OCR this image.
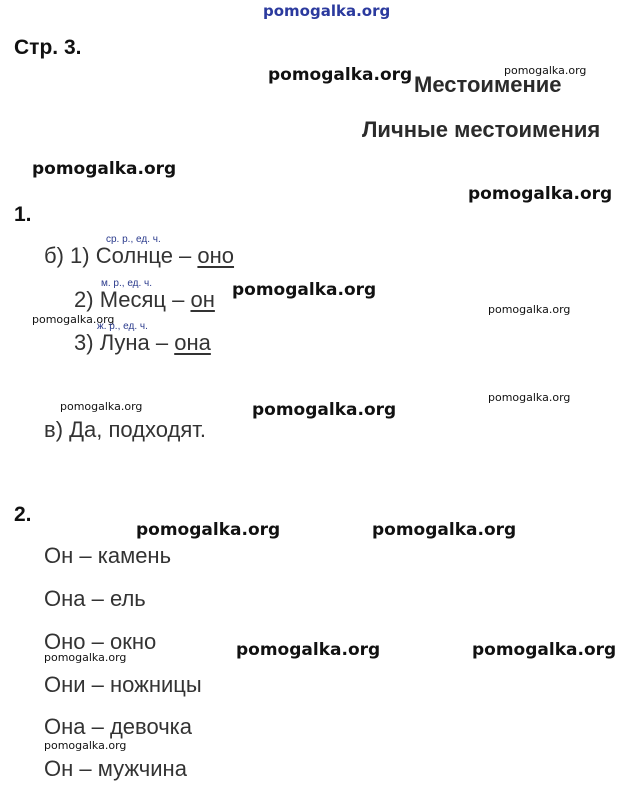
pomogalka.org
Стр. 3.
Местоимение
Личные местоимения
pomogalka.org	pomogalka.org
pomogalka.org
pomogalka.org
pomogalka.org
pomogalka.org
pomogalka.org
pomogalka.org	pomogalka.org
pomogalka.org
pomogalka.org	pomogalka.org
pomogalka.org	pomogalka.org
pomogalka.org
pomogalka.org
1.
ср. р., ед. ч.
б) 1) Солнце – оно
м. р., ед. ч.
2) Месяц – он
ж. р., ед. ч.
3) Луна – она
в) Да, подходят.
2.
Он – камень
Она – ель
Оно – окно
Они – ножницы
Она – девочка
Он – мужчина
